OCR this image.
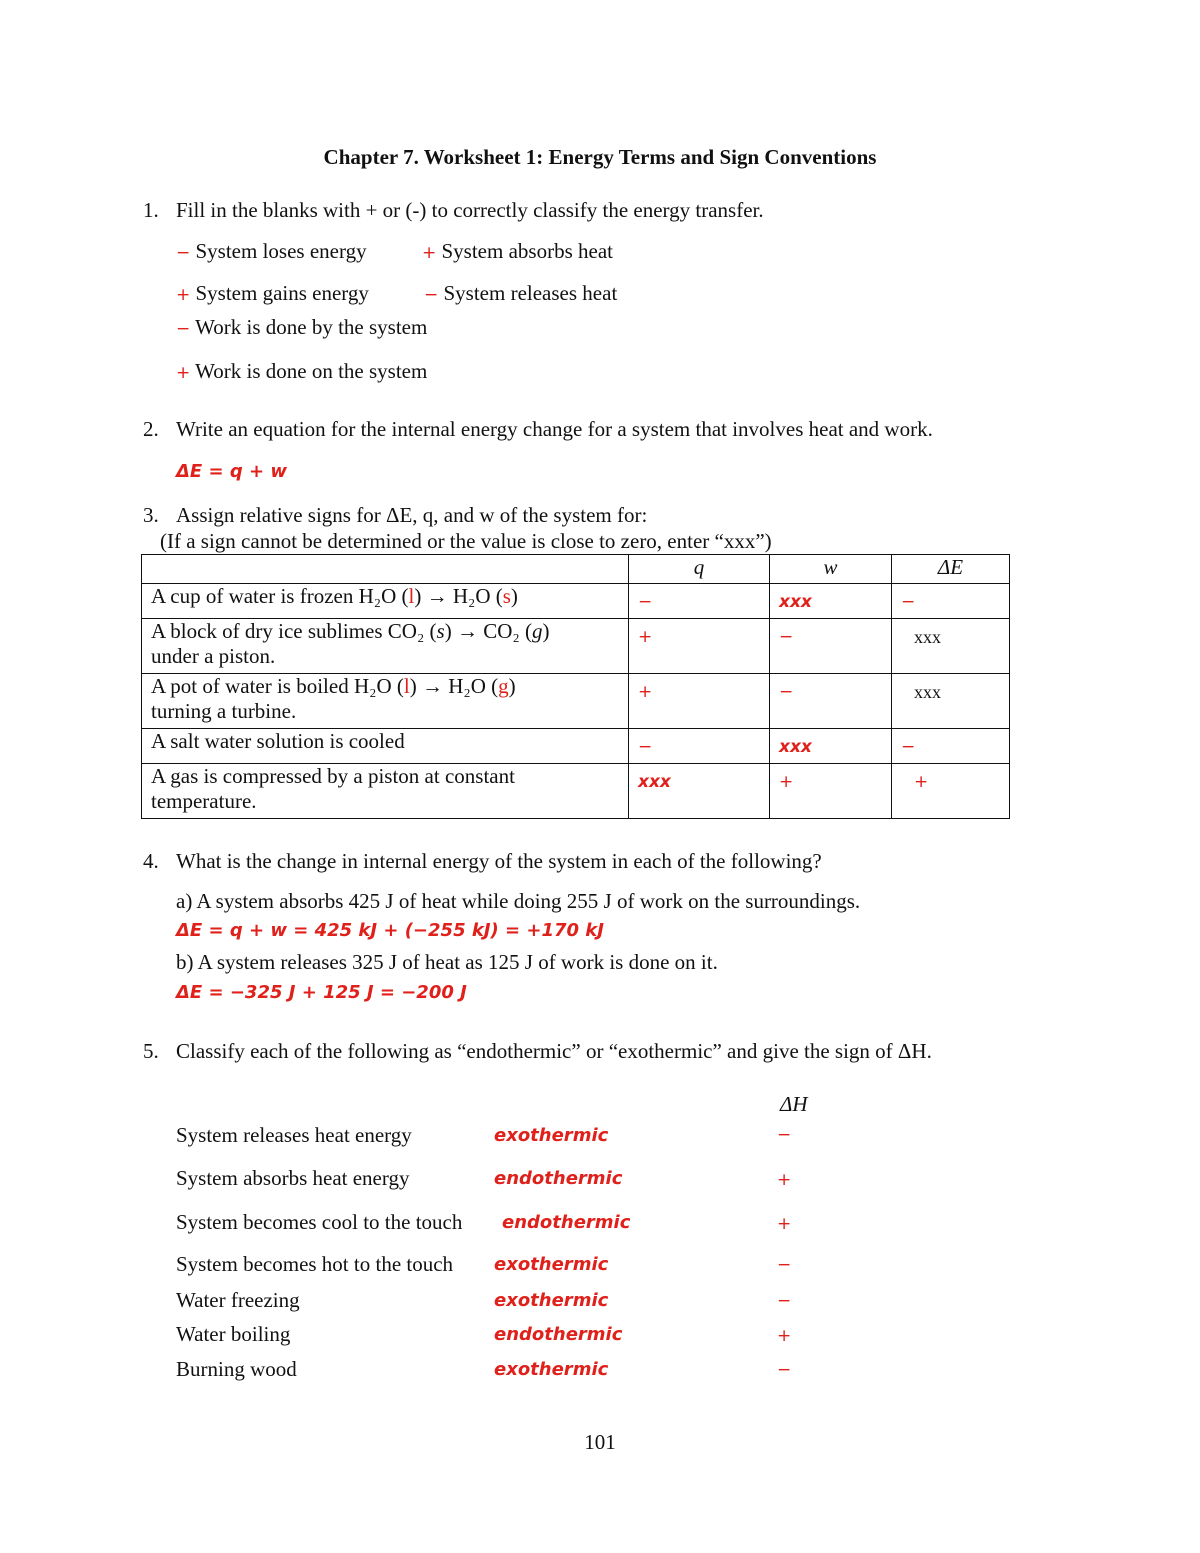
Chapter 7. Worksheet 1: Energy Terms and Sign Conventions
1. Fill in the blanks with + or (-) to correctly classify the energy transfer.
− System loses energy	+ System absorbs heat
+ System gains energy	− System releases heat
− Work is done by the system
+ Work is done on the system
2. Write an equation for the internal energy change for a system that involves heat and work.
ΔE = q + w
3. Assign relative signs for ΔE, q, and w of the system for:
(If a sign cannot be determined or the value is close to zero, enter “xxx”)
	q	w	ΔE
A cup of water is frozen H₂O (l) → H₂O (s)	−	xxx	−
A block of dry ice sublimes CO₂ (s) → CO₂ (g)
under a piston.	+	−	xxx
A pot of water is boiled H₂O (l) → H₂O (g)
turning a turbine.	+	−	xxx
A salt water solution is cooled	−	xxx	−
A gas is compressed by a piston at constant
temperature.	xxx	+	+
4. What is the change in internal energy of the system in each of the following?
a) A system absorbs 425 J of heat while doing 255 J of work on the surroundings.
ΔE = q + w = 425 kJ + (−255 kJ) = +170 kJ
b) A system releases 325 J of heat as 125 J of work is done on it.
ΔE = −325 J + 125 J = −200 J
5. Classify each of the following as “endothermic” or “exothermic” and give the sign of ΔH.
ΔH
System releases heat energy	exothermic	−
System absorbs heat energy	endothermic	+
System becomes cool to the touch endothermic	+
System becomes hot to the touch exothermic	−
Water freezing	exothermic	−
Water boiling	endothermic	+
Burning wood	exothermic	−
101
